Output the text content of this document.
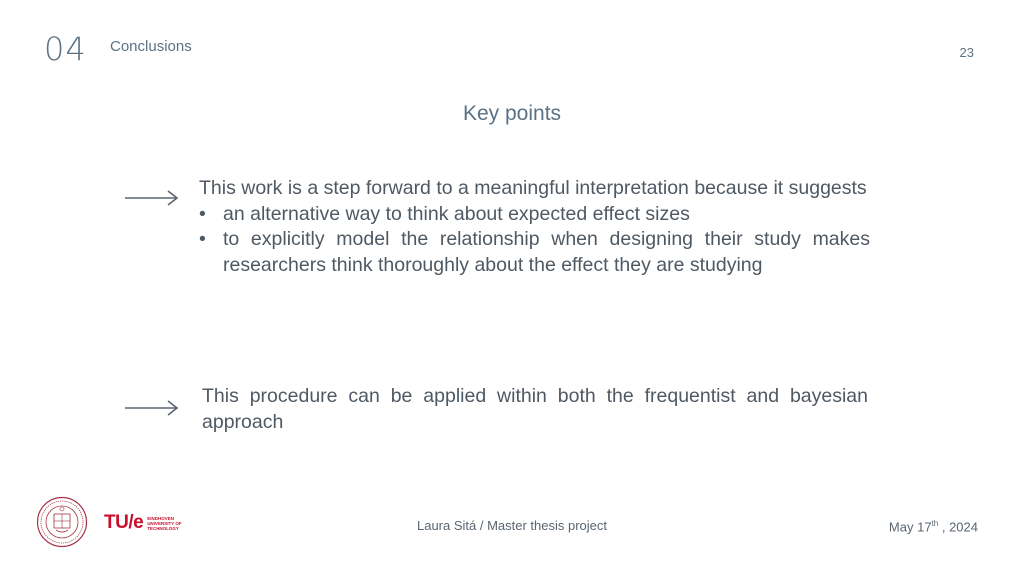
04 Conclusions	23
Key points

This work is a step forward to a meaningful interpretation because it suggests

• an alternative way to think about expected effect sizes
• to explicitly model the relationship when designing their study makes researchers think thoroughly about the effect they are studying

This procedure can be applied within both the frequentist and bayesian approach

TU/e EINDHOVEN
UNIVERSITY OF
TECHNOLOGY	Laura Sitá / Master thesis project	May 17th , 2024
